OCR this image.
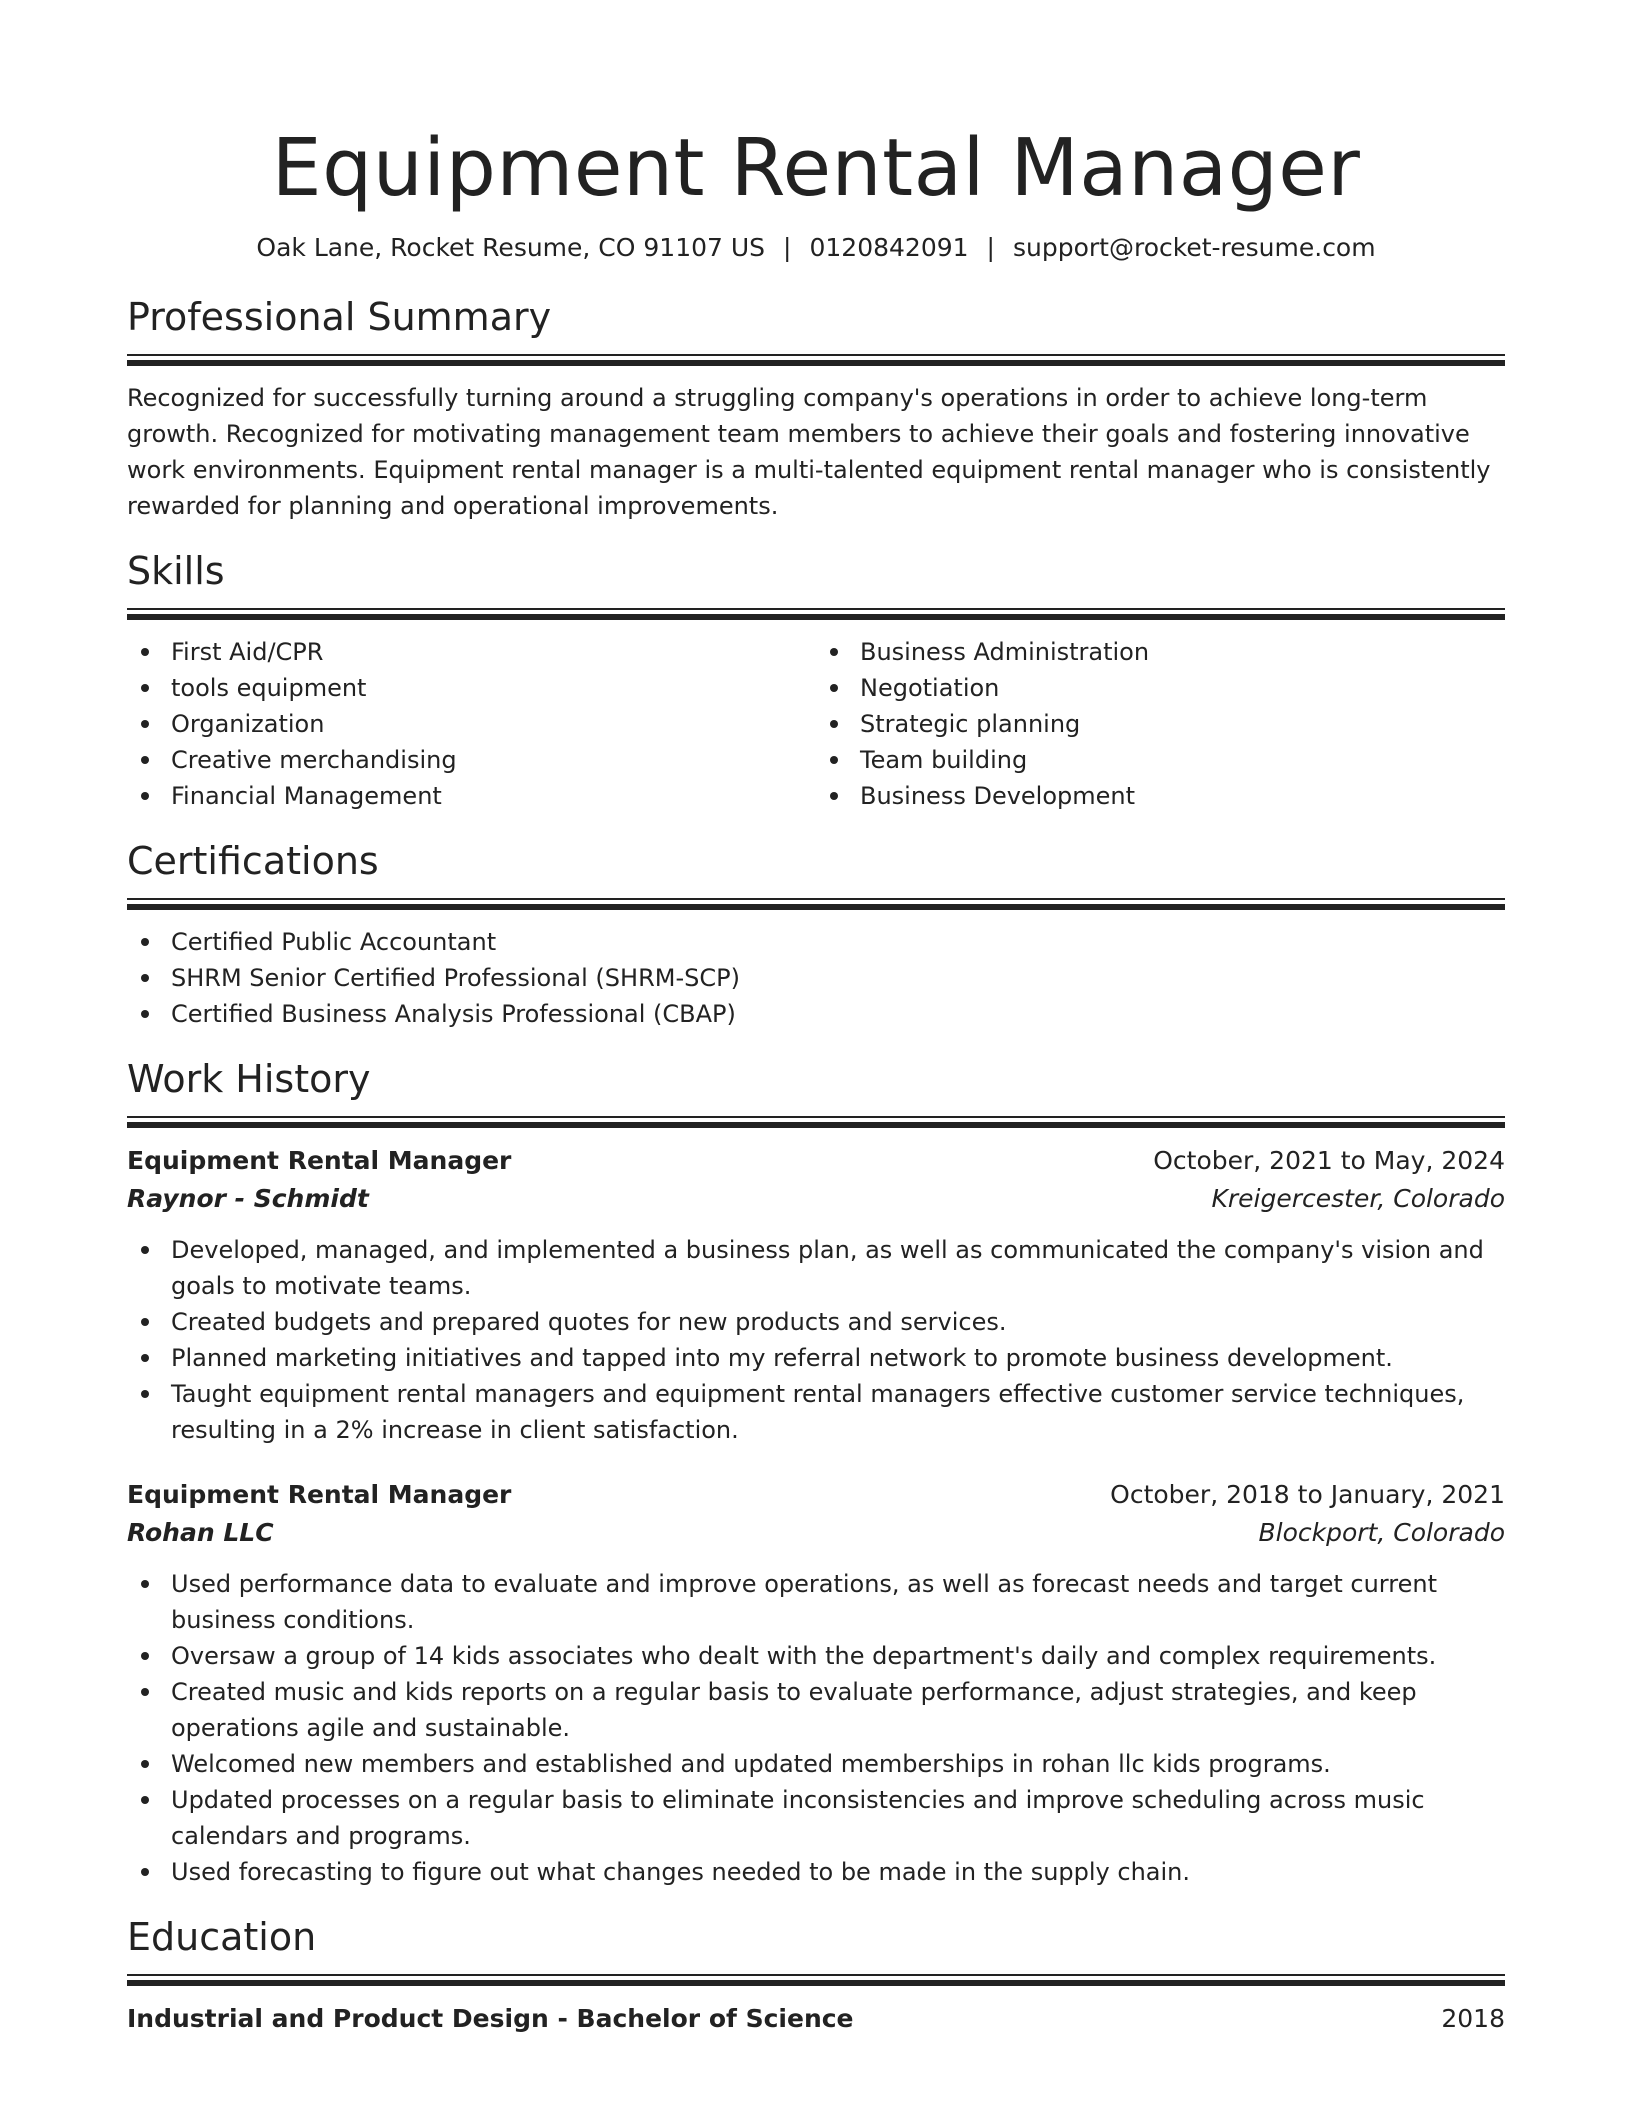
Equipment Rental Manager
Oak Lane, Rocket Resume, CO 91107 US | 0120842091 | support@rocket-resume.com
Professional Summary

Recognized for successfully turning around a struggling company's operations in order to achieve long-term growth. Recognized for motivating management team members to achieve their goals and fostering innovative work environments. Equipment rental manager is a multi-talented equipment rental manager who is consistently rewarded for planning and operational improvements.

Skills
First Aid/CPR
tools equipment
Organization
Creative merchandising
Financial Management
Business Administration
Negotiation
Strategic planning
Team building
Business Development
Certifications
Certified Public Accountant
SHRM Senior Certified Professional (SHRM-SCP)
Certified Business Analysis Professional (CBAP)
Work History
Equipment Rental Manager	October, 2021 to May, 2024
Raynor - Schmidt	Kreigercester, Colorado
Developed, managed, and implemented a business plan, as well as communicated the company's vision and goals to motivate teams.
Created budgets and prepared quotes for new products and services.
Planned marketing initiatives and tapped into my referral network to promote business development.
Taught equipment rental managers and equipment rental managers effective customer service techniques, resulting in a 2% increase in client satisfaction.
Equipment Rental Manager	October, 2018 to January, 2021
Rohan LLC	Blockport, Colorado
Used performance data to evaluate and improve operations, as well as forecast needs and target current business conditions.
Oversaw a group of 14 kids associates who dealt with the department's daily and complex requirements.
Created music and kids reports on a regular basis to evaluate performance, adjust strategies, and keep operations agile and sustainable.
Welcomed new members and established and updated memberships in rohan llc kids programs.
Updated processes on a regular basis to eliminate inconsistencies and improve scheduling across music calendars and programs.
Used forecasting to figure out what changes needed to be made in the supply chain.
Education
Industrial and Product Design - Bachelor of Science	2018
